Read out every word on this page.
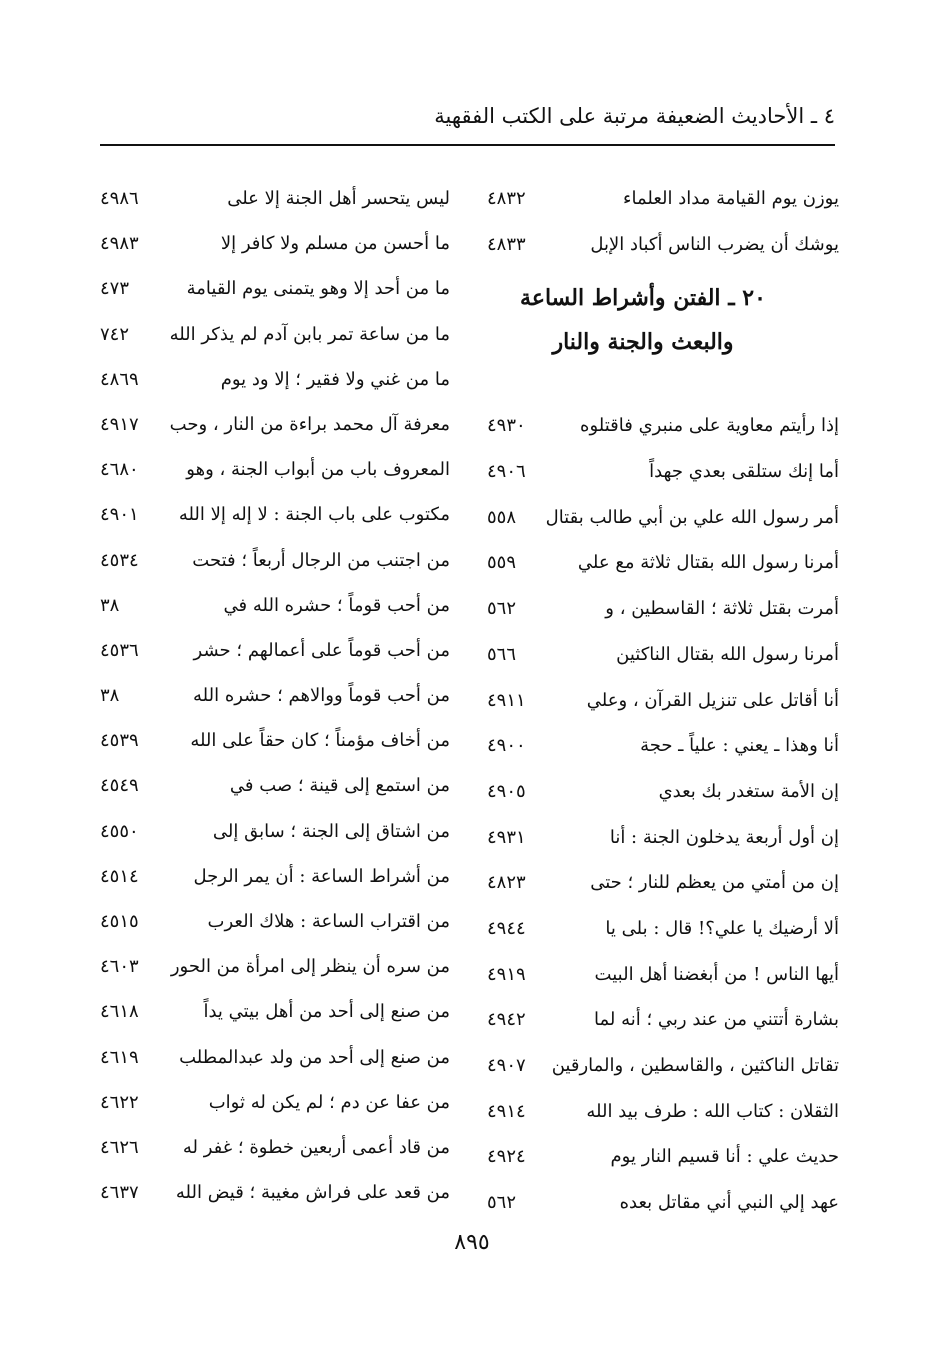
٤ ـ الأحاديث الضعيفة مرتبة على الكتب الفقهية
يوزن يوم القيامة مداد العلماء
٤٨٣٢
يوشك أن يضرب الناس أكباد الإبل
٤٨٣٣
٢٠ ـ الفتن وأشراط الساعة
والبعث والجنة والنار
إذا رأيتم معاوية على منبري فاقتلوه
٤٩٣٠
أما إنك ستلقى بعدي جهداً
٤٩٠٦
أمر رسول الله علي بن أبي طالب بقتال
٥٥٨
أمرنا رسول الله بقتال ثلاثة مع علي
٥٥٩
أمرت بقتل ثلاثة ؛ القاسطين ، و
٥٦٢
أمرنا رسول الله بقتال الناكثين
٥٦٦
أنا أقاتل على تنزيل القرآن ، وعلي
٤٩١١
أنا وهذا ـ يعني : علياً ـ حجة
٤٩٠٠
إن الأمة ستغدر بك بعدي
٤٩٠٥
إن أول أربعة يدخلون الجنة : أنا
٤٩٣١
إن من أمتي من يعظم للنار ؛ حتى
٤٨٢٣
ألا أرضيك يا علي؟! قال : بلى يا
٤٩٤٤
أيها الناس ! من أبغضنا أهل البيت
٤٩١٩
بشارة أتتني من عند ربي ؛ أنه لما
٤٩٤٢
تقاتل الناكثين ، والقاسطين ، والمارقين
٤٩٠٧
الثقلان : كتاب الله : طرف بيد الله
٤٩١٤
حديث علي : أنا قسيم النار يوم
٤٩٢٤
عهد إلي النبي أني مقاتل بعده
٥٦٢
ليس يتحسر أهل الجنة إلا على
٤٩٨٦
ما أحسن من مسلم ولا كافر إلا
٤٩٨٣
ما من أحد إلا وهو يتمنى يوم القيامة
٤٧٣
ما من ساعة تمر بابن آدم لم يذكر الله
٧٤٢
ما من غني ولا فقير ؛ إلا ود يوم
٤٨٦٩
معرفة آل محمد براءة من النار ، وحب
٤٩١٧
المعروف باب من أبواب الجنة ، وهو
٤٦٨٠
مكتوب على باب الجنة : لا إله إلا الله
٤٩٠١
من اجتنب من الرجال أربعاً ؛ فتحت
٤٥٣٤
من أحب قوماً ؛ حشره الله في
٣٨
من أحب قوماً على أعمالهم ؛ حشر
٤٥٣٦
من أحب قوماً ووالاهم ؛ حشره الله
٣٨
من أخاف مؤمناً ؛ كان حقاً على الله
٤٥٣٩
من استمع إلى قينة ؛ صب في
٤٥٤٩
من اشتاق إلى الجنة ؛ سابق إلى
٤٥٥٠
من أشراط الساعة : أن يمر الرجل
٤٥١٤
من اقتراب الساعة : هلاك العرب
٤٥١٥
من سره أن ينظر إلى امرأة من الحور
٤٦٠٣
من صنع إلى أحد من أهل بيتي يداً
٤٦١٨
من صنع إلى أحد من ولد عبدالمطلب
٤٦١٩
من عفا عن دم ؛ لم يكن له ثواب
٤٦٢٢
من قاد أعمى أربعين خطوة ؛ غفر له
٤٦٢٦
من قعد على فراش مغيبة ؛ قيض الله
٤٦٣٧
٨٩٥
